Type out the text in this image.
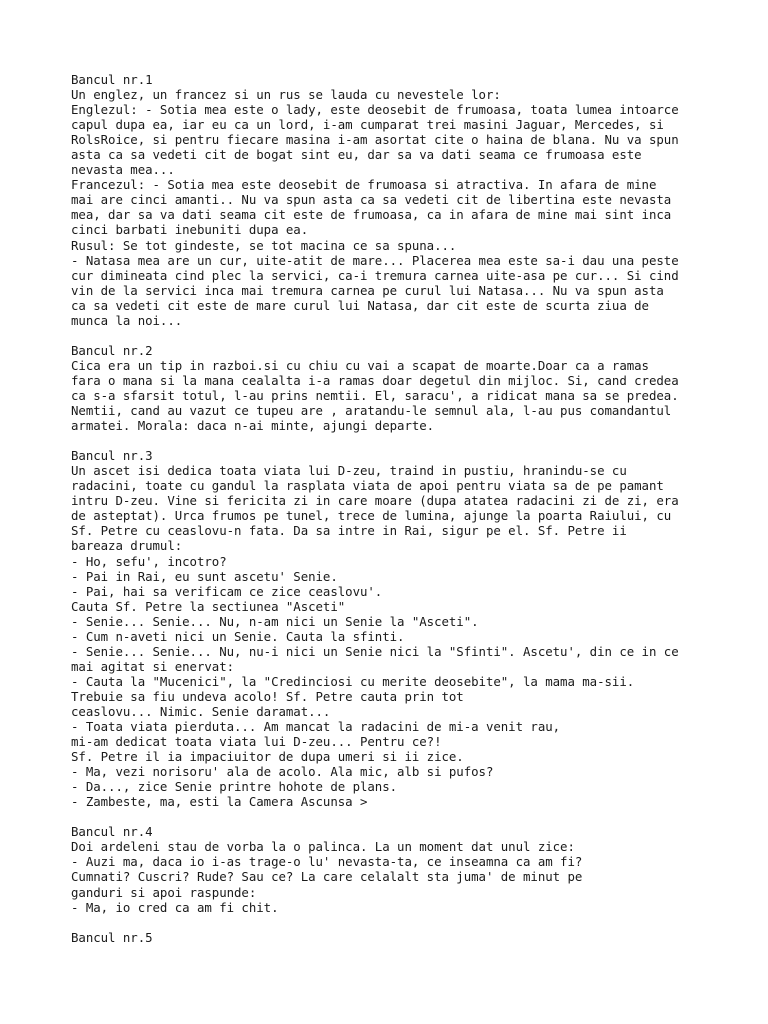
Bancul nr.1
Un englez, un francez si un rus se lauda cu nevestele lor:
Englezul: - Sotia mea este o lady, este deosebit de frumoasa, toata lumea intoarce
capul dupa ea, iar eu ca un lord, i-am cumparat trei masini Jaguar, Mercedes, si
RolsRoice, si pentru fiecare masina i-am asortat cite o haina de blana. Nu va spun
asta ca sa vedeti cit de bogat sint eu, dar sa va dati seama ce frumoasa este
nevasta mea...
Francezul: - Sotia mea este deosebit de frumoasa si atractiva. In afara de mine
mai are cinci amanti.. Nu va spun asta ca sa vedeti cit de libertina este nevasta
mea, dar sa va dati seama cit este de frumoasa, ca in afara de mine mai sint inca
cinci barbati inebuniti dupa ea.
Rusul: Se tot gindeste, se tot macina ce sa spuna...
- Natasa mea are un cur, uite-atit de mare... Placerea mea este sa-i dau una peste
cur dimineata cind plec la servici, ca-i tremura carnea uite-asa pe cur... Si cind
vin de la servici inca mai tremura carnea pe curul lui Natasa... Nu va spun asta
ca sa vedeti cit este de mare curul lui Natasa, dar cit este de scurta ziua de
munca la noi...
Bancul nr.2
Cica era un tip in razboi.si cu chiu cu vai a scapat de moarte.Doar ca a ramas
fara o mana si la mana cealalta i-a ramas doar degetul din mijloc. Si, cand credea
ca s-a sfarsit totul, l-au prins nemtii. El, saracu', a ridicat mana sa se predea.
Nemtii, cand au vazut ce tupeu are , aratandu-le semnul ala, l-au pus comandantul
armatei. Morala: daca n-ai minte, ajungi departe.
Bancul nr.3
Un ascet isi dedica toata viata lui D-zeu, traind in pustiu, hranindu-se cu
radacini, toate cu gandul la rasplata viata de apoi pentru viata sa de pe pamant
intru D-zeu. Vine si fericita zi in care moare (dupa atatea radacini zi de zi, era
de asteptat). Urca frumos pe tunel, trece de lumina, ajunge la poarta Raiului, cu
Sf. Petre cu ceaslovu-n fata. Da sa intre in Rai, sigur pe el. Sf. Petre ii
bareaza drumul:
- Ho, sefu', incotro?
- Pai in Rai, eu sunt ascetu' Senie.
- Pai, hai sa verificam ce zice ceaslovu'.
Cauta Sf. Petre la sectiunea "Asceti"
- Senie... Senie... Nu, n-am nici un Senie la "Asceti".
- Cum n-aveti nici un Senie. Cauta la sfinti.
- Senie... Senie... Nu, nu-i nici un Senie nici la "Sfinti". Ascetu', din ce in ce
mai agitat si enervat:
- Cauta la "Mucenici", la "Credinciosi cu merite deosebite", la mama ma-sii.
Trebuie sa fiu undeva acolo! Sf. Petre cauta prin tot
ceaslovu... Nimic. Senie daramat...
- Toata viata pierduta... Am mancat la radacini de mi-a venit rau,
mi-am dedicat toata viata lui D-zeu... Pentru ce?!
Sf. Petre il ia impaciuitor de dupa umeri si ii zice.
- Ma, vezi norisoru' ala de acolo. Ala mic, alb si pufos?
- Da..., zice Senie printre hohote de plans.
- Zambeste, ma, esti la Camera Ascunsa >
Bancul nr.4
Doi ardeleni stau de vorba la o palinca. La un moment dat unul zice:
- Auzi ma, daca io i-as trage-o lu' nevasta-ta, ce inseamna ca am fi?
Cumnati? Cuscri? Rude? Sau ce? La care celalalt sta juma' de minut pe
ganduri si apoi raspunde:
- Ma, io cred ca am fi chit.
Bancul nr.5
